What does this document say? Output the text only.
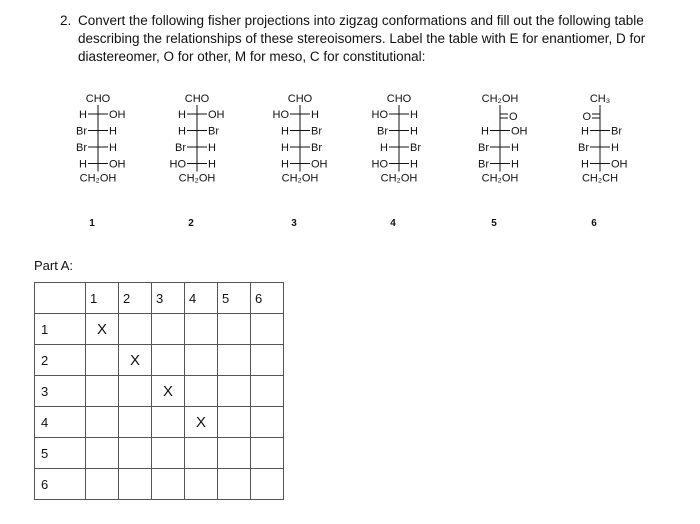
2. Convert the following fisher projections into zigzag conformations and fill out the following table describing the relationships of these stereoisomers. Label the table with E for enantiomer, D for diastereomer, O for other, M for meso, C for constitutional:
CHO
H OH
Br H
Br H
H OH
CH₂OH
1
CHO
H OH
H Br
Br H
HO H
CH₂OH
2
CHO
HO H
H Br
H Br
H OH
CH₂OH
3
CHO
HO H
Br H
H Br
HO H
CH₂OH
4
CH₂OH
O
H OH
Br H
Br H
CH₂OH
5
CH₃
O
H Br
Br H
H OH
CH₂CH
6
Part A:
	1	2	3	4	5	6
1	X					
2		X				
3			X			
4				X		
5						
6						
